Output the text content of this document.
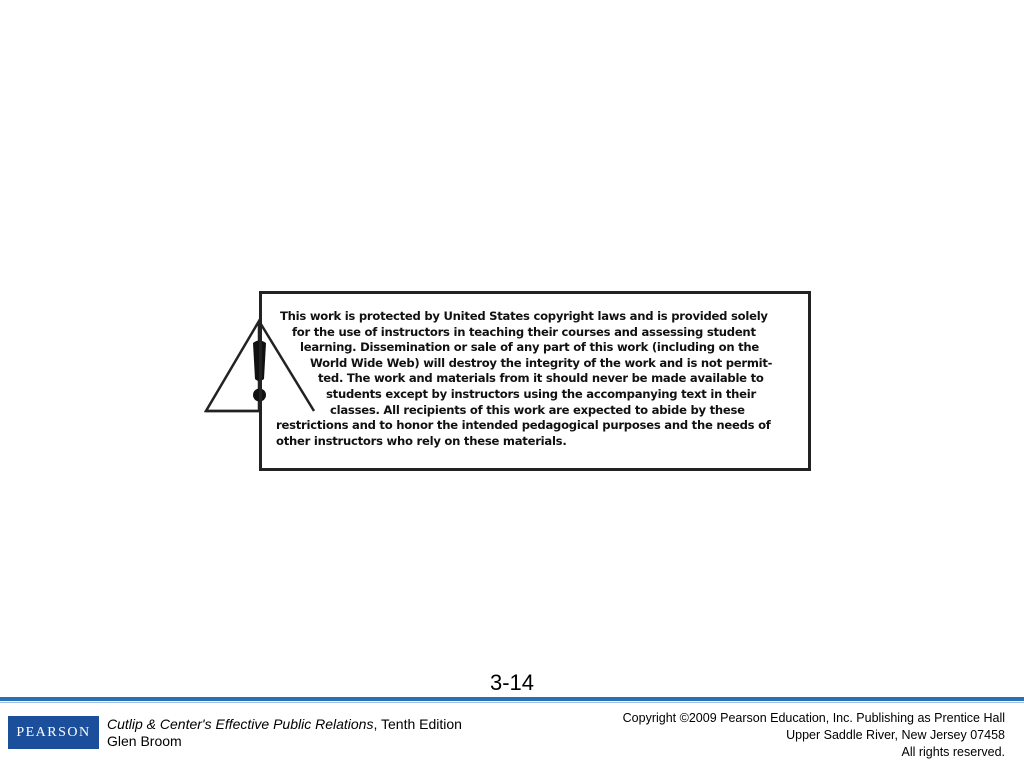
This work is protected by United States copyright laws and is provided solely
for the use of instructors in teaching their courses and assessing student
learning. Dissemination or sale of any part of this work (including on the
World Wide Web) will destroy the integrity of the work and is not permit-
ted. The work and materials from it should never be made available to
students except by instructors using the accompanying text in their
classes. All recipients of this work are expected to abide by these
restrictions and to honor the intended pedagogical purposes and the needs of
other instructors who rely on these materials.

3-14
PEARSON Cutlip & Center's Effective Public Relations, Tenth Edition
Glen Broom
Copyright ©2009 Pearson Education, Inc. Publishing as Prentice Hall
Upper Saddle River, New Jersey 07458
All rights reserved.
